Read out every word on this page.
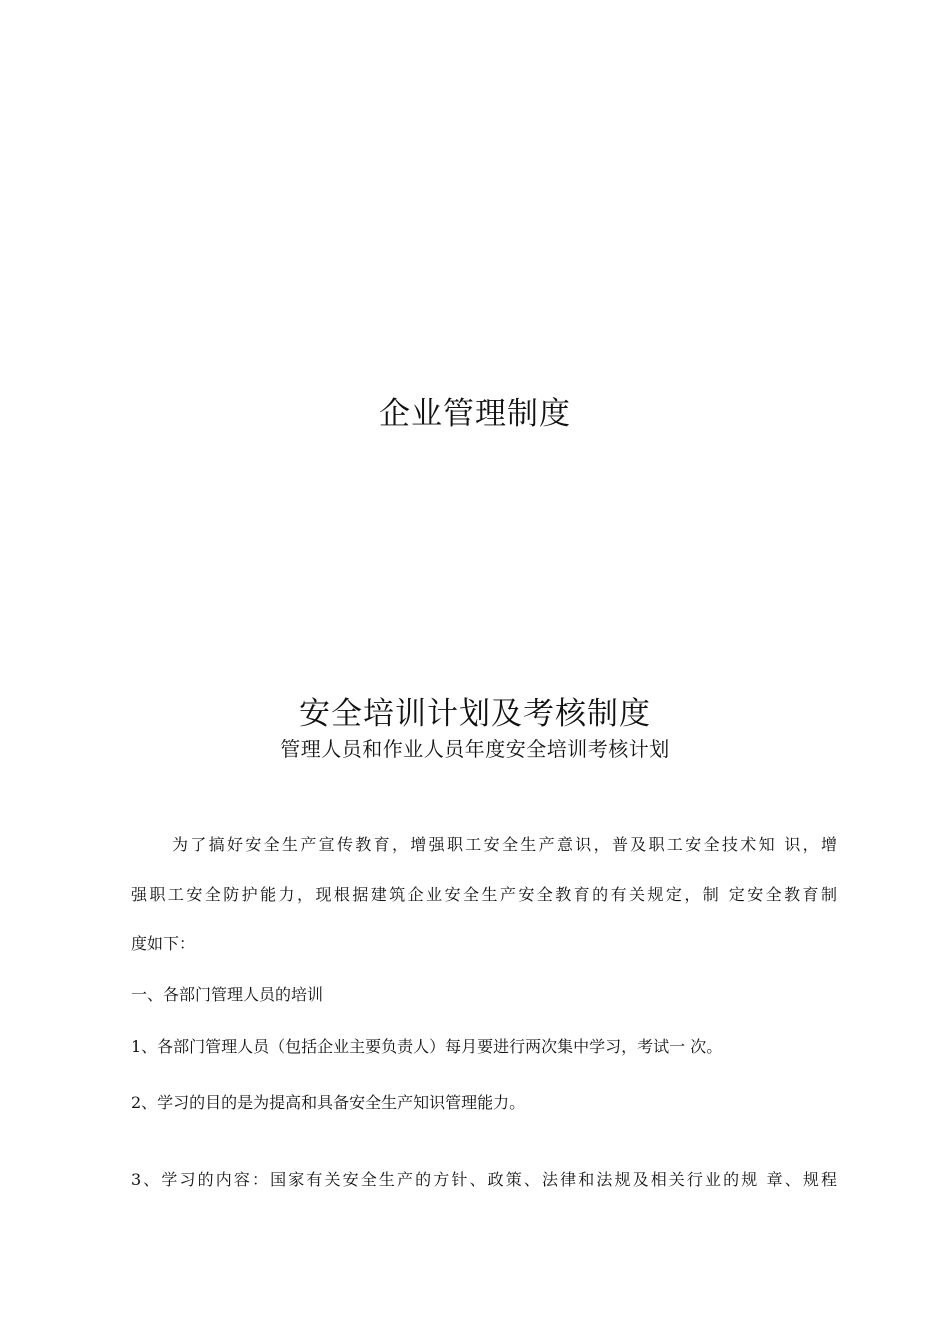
企业管理制度
安全培训计划及考核制度
管理人员和作业人员年度安全培训考核计划
为了搞好安全生产宣传教育，增强职工安全生产意识，普及职工安全技术知 识，增
强职工安全防护能力，现根据建筑企业安全生产安全教育的有关规定，制 定安全教育制
度如下：
一、各部门管理人员的培训
1、各部门管理人员（包括企业主要负责人）每月要进行两次集中学习，考试一 次。
2、学习的目的是为提高和具备安全生产知识管理能力。
3、学习的内容：国家有关安全生产的方针、政策、法律和法规及相关行业的规 章、规程
